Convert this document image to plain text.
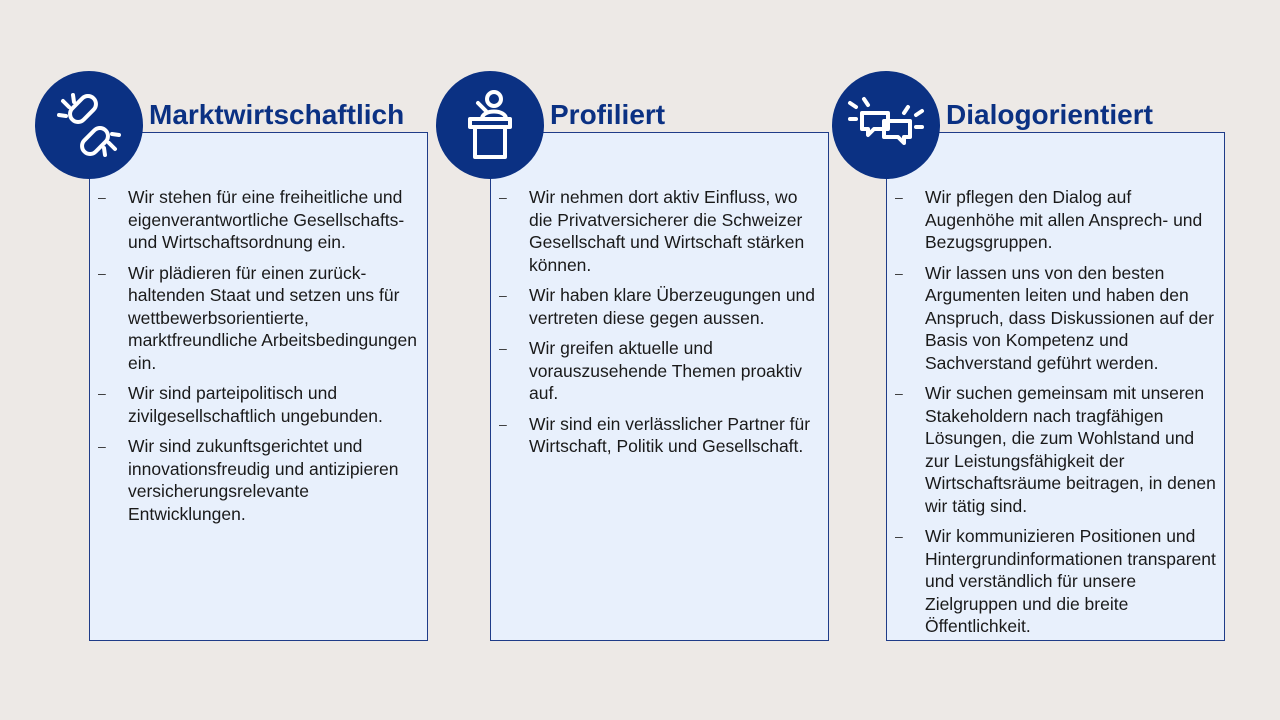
– Wir stehen für eine freiheitliche und eigenverantwortliche Gesellschafts- und Wirtschaftsordnung ein.
– Wir plädieren für einen zurückhaltenden Staat und setzen uns für wettbewerbsorientierte, marktfreundliche Arbeitsbedingungen ein.
– Wir sind parteipolitisch und zivilgesellschaftlich ungebunden.
– Wir sind zukunftsgerichtet und innovationsfreudig und antizipieren versicherungsrelevante Entwicklungen.
Marktwirtschaftlich
– Wir nehmen dort aktiv Einfluss, wo die Privatversicherer die Schweizer Gesellschaft und Wirtschaft stärken können.
– Wir haben klare Überzeugungen und vertreten diese gegen aussen.
– Wir greifen aktuelle und vorauszusehende Themen proaktiv auf.
– Wir sind ein verlässlicher Partner für Wirtschaft, Politik und Gesellschaft.
Profiliert
– Wir pflegen den Dialog auf Augenhöhe mit allen Ansprech- und Bezugsgruppen.
– Wir lassen uns von den besten Argumenten leiten und haben den Anspruch, dass Diskussionen auf der Basis von Kompetenz und Sachverstand geführt werden.
– Wir suchen gemeinsam mit unseren Stakeholdern nach tragfähigen Lösungen, die zum Wohlstand und zur Leistungsfähigkeit der Wirtschaftsräume beitragen, in denen wir tätig sind.
– Wir kommunizieren Positionen und Hintergrundinformationen transparent und verständlich für unsere Zielgruppen und die breite Öffentlichkeit.
Dialogorientiert
